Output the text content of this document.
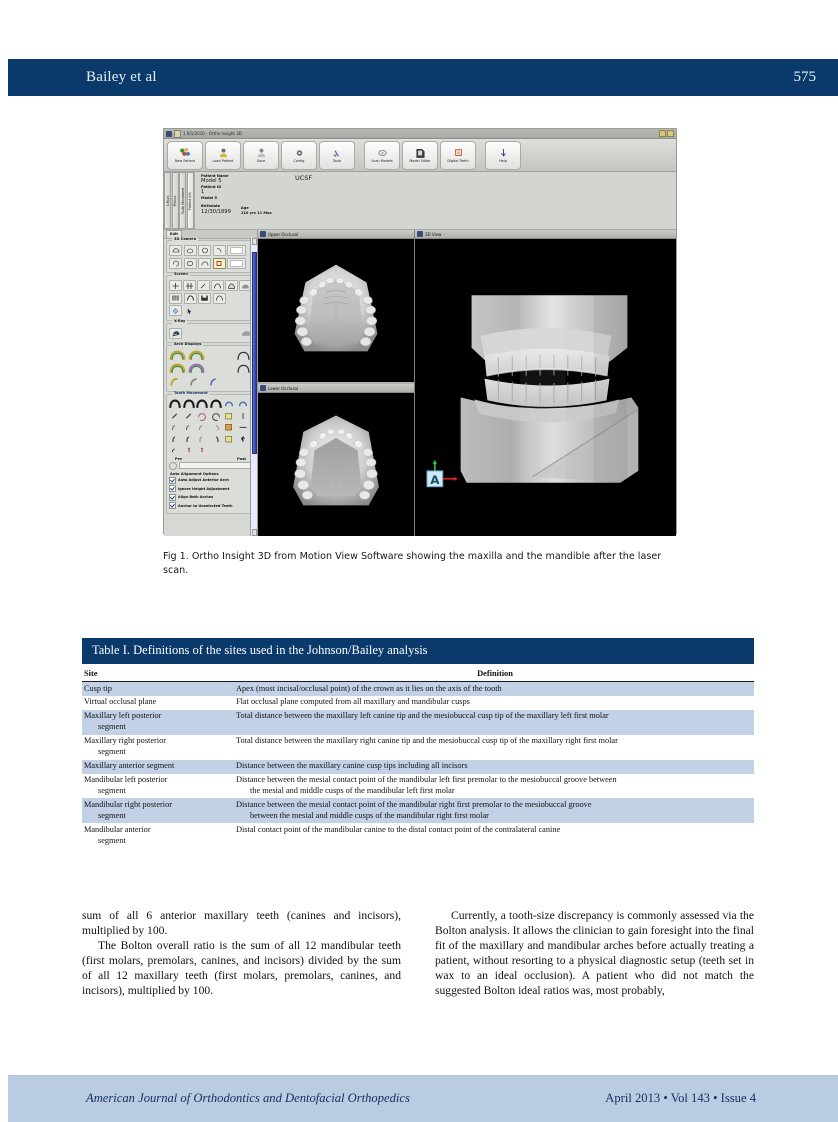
Bailey et al	575
1 6/1/2010 - Ortho Insight 3D
New Patient	Load Patient	Save	Config	Tools	Scan Models	Model Editor	Digital Teeth	Help
X-Rays Photos Tooth Movement Patient Info
UCSF
Patient Name
Model 5
Patient ID
1
Model 5
Birthdate
12/30/1899
Age
110 yrs 11 Mos
Edit
3D Camera
Screen
X-Ray
Arch Displays
Tooth Movement
Pre	Post
Auto Alignment Options
Auto Adjust Anterior Arch
Ignore Height Adjustment
Align Both Arches
Anchor to Unselected Teeth
Upper Occlusal
Lower Occlusal
3D View
A
Fig 1. Ortho Insight 3D from Motion View Software showing the maxilla and the mandible after the laser scan.
Table I. Definitions of the sites used in the Johnson/Bailey analysis
Site	Definition
Cusp tip	Apex (most incisal/occlusal point) of the crown as it lies on the axis of the tooth
Virtual occlusal plane	Flat occlusal plane computed from all maxillary and mandibular cusps
Maxillary left posterior
segment	Total distance between the maxillary left canine tip and the mesiobuccal cusp tip of the maxillary left first molar
Maxillary right posterior
segment	Total distance between the maxillary right canine tip and the mesiobuccal cusp tip of the maxillary right first molar
Maxillary anterior segment	Distance between the maxillary canine cusp tips including all incisors
Mandibular left posterior
segment	Distance between the mesial contact point of the mandibular left first premolar to the mesiobuccal groove between
the mesial and middle cusps of the mandibular left first molar

Mandibular right posterior
segment	Distance between the mesial contact point of the mandibular right first premolar to the mesiobuccal groove
between the mesial and middle cusps of the mandibular right first molar

Mandibular anterior
segment	Distal contact point of the mandibular canine to the distal contact point of the contralateral canine

sum of all 6 anterior maxillary teeth (canines and incisors), multiplied by 100.

The Bolton overall ratio is the sum of all 12 mandibular teeth (first molars, premolars, canines, and incisors) divided by the sum of all 12 maxillary teeth (first molars, premolars, canines, and incisors), multiplied by 100.

Currently, a tooth-size discrepancy is commonly assessed via the Bolton analysis. It allows the clinician to gain foresight into the final fit of the maxillary and mandibular arches before actually treating a patient, without resorting to a physical diagnostic setup (teeth set in wax to an ideal occlusion). A patient who did not match the suggested Bolton ideal ratios was, most probably,

American Journal of Orthodontics and Dentofacial Orthopedics	April 2013 • Vol 143 • Issue 4
